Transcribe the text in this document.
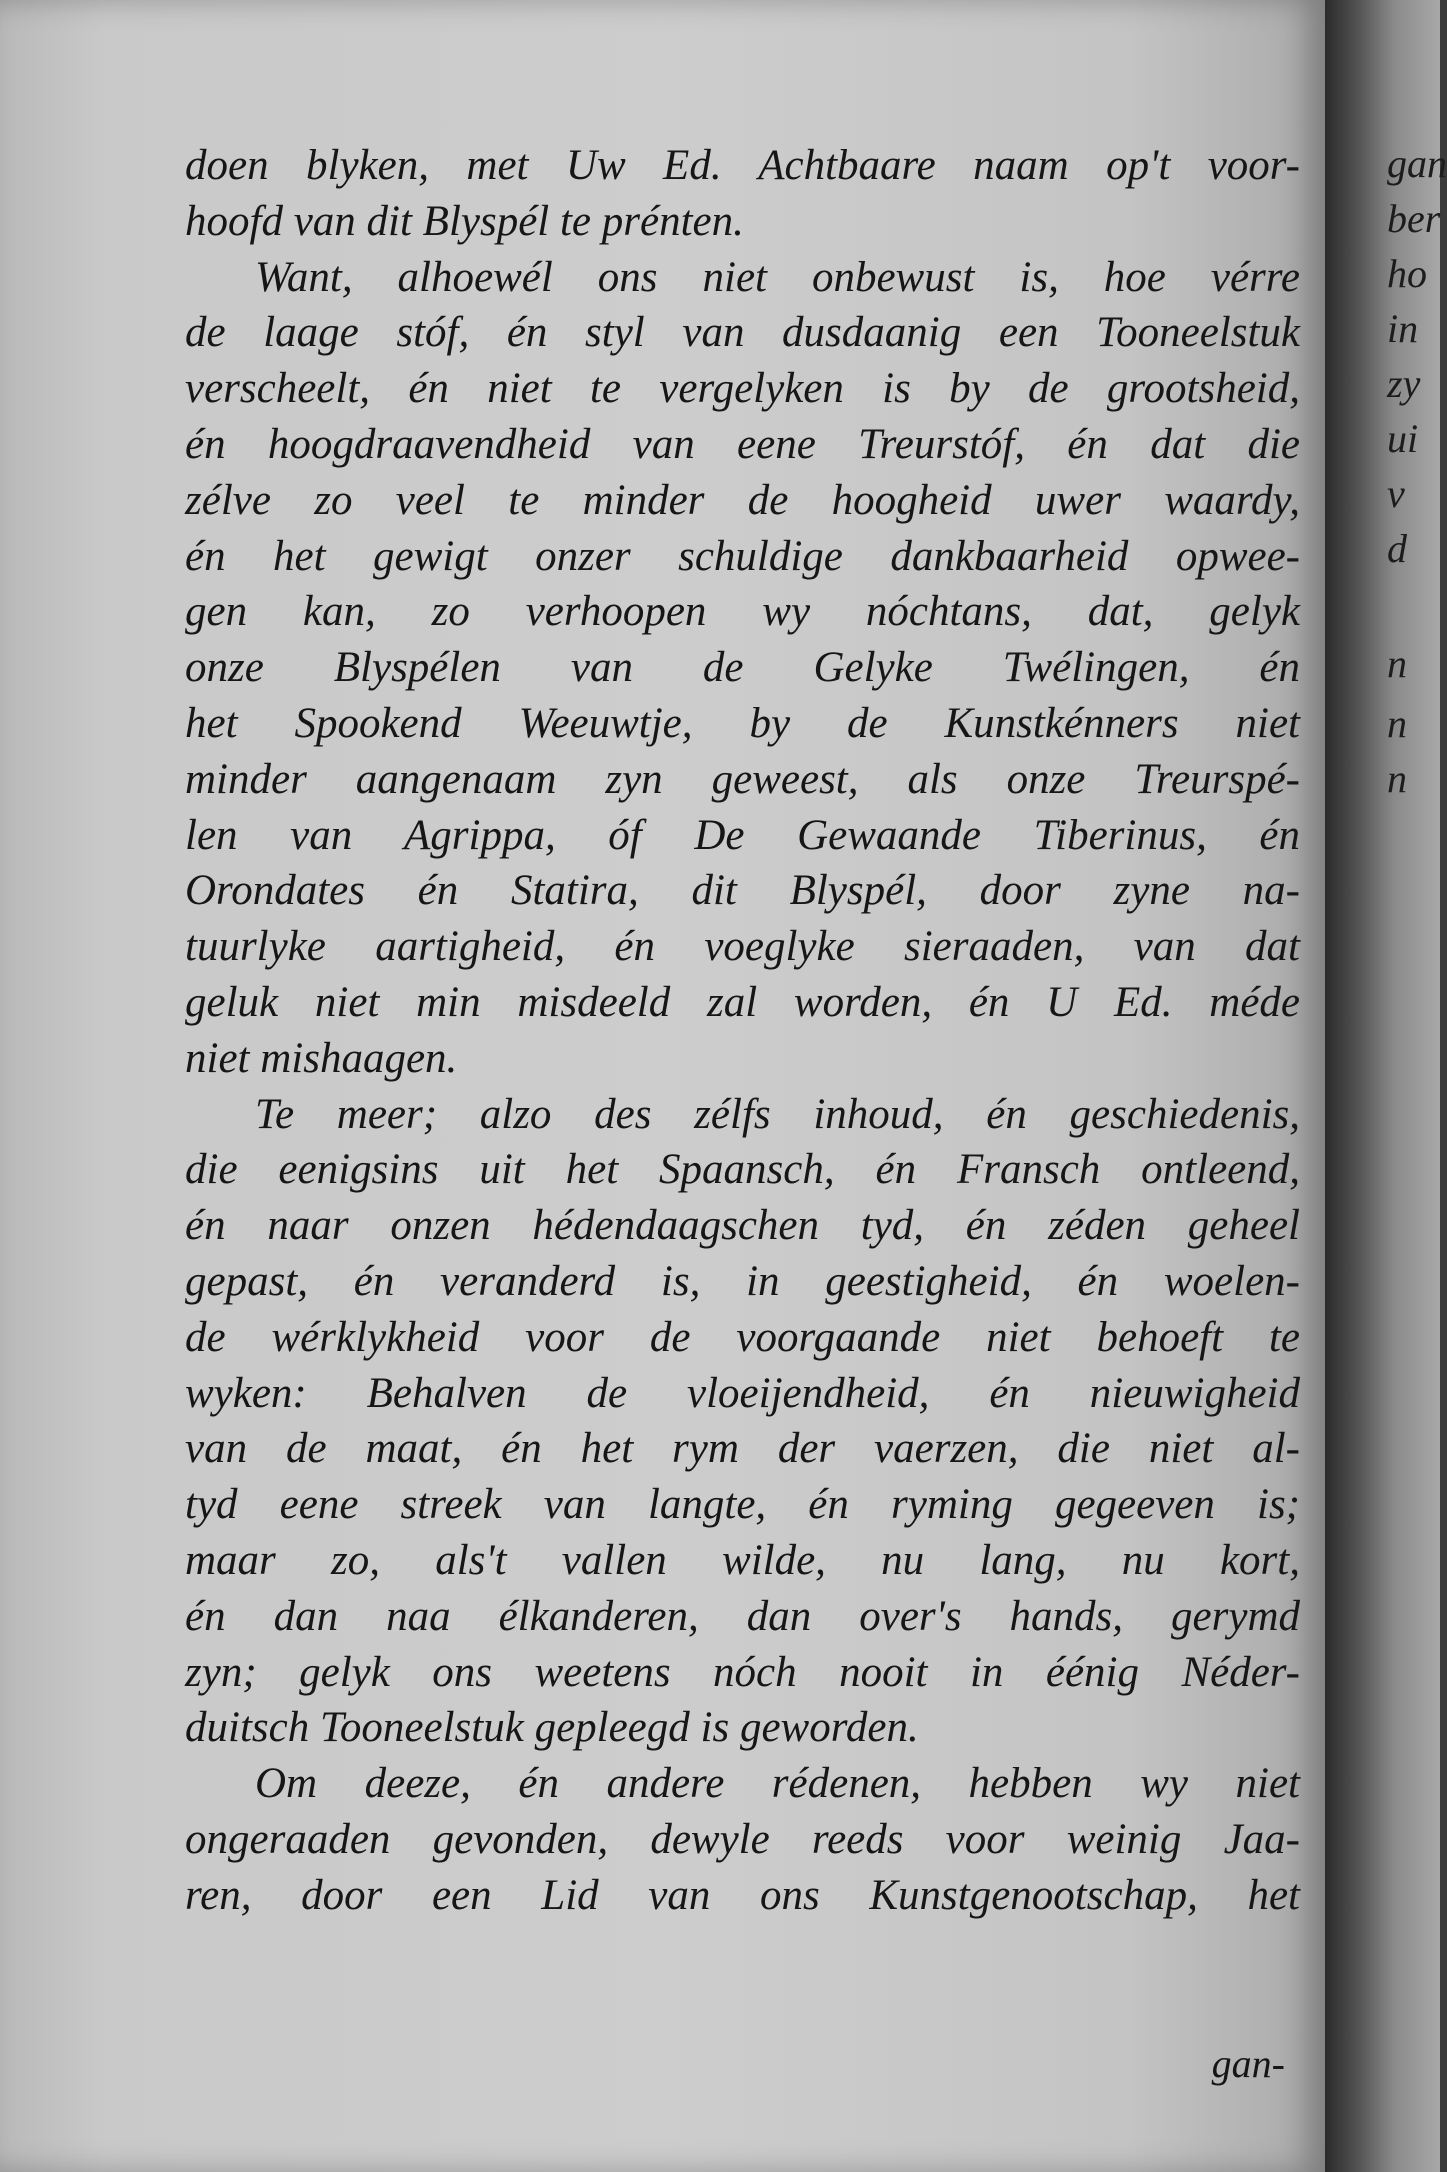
doen blyken, met Uw Ed. Achtbaare naam op't voor-
hoofd van dit Blyspél te prénten.
Want, alhoewél ons niet onbewust is, hoe vérre
de laage stóf, én styl van dusdaanig een Tooneelstuk
verscheelt, én niet te vergelyken is by de grootsheid,
én hoogdraavendheid van eene Treurstóf, én dat die
zélve zo veel te minder de hoogheid uwer waardy,
én het gewigt onzer schuldige dankbaarheid opwee-
gen kan, zo verhoopen wy nóchtans, dat, gelyk
onze Blyspélen van de Gelyke Twélingen, én
het Spookend Weeuwtje, by de Kunstkénners niet
minder aangenaam zyn geweest, als onze Treurspé-
len van Agrippa, óf De Gewaande Tiberinus, én
Orondates én Statira, dit Blyspél, door zyne na-
tuurlyke aartigheid, én voeglyke sieraaden, van dat
geluk niet min misdeeld zal worden, én U Ed. méde
niet mishaagen.
Te meer; alzo des zélfs inhoud, én geschiedenis,
die eenigsins uit het Spaansch, én Fransch ontleend,
én naar onzen hédendaagschen tyd, én zéden geheel
gepast, én veranderd is, in geestigheid, én woelen-
de wérklykheid voor de voorgaande niet behoeft te
wyken: Behalven de vloeijendheid, én nieuwigheid
van de maat, én het rym der vaerzen, die niet al-
tyd eene streek van langte, én ryming gegeeven is;
maar zo, als't vallen wilde, nu lang, nu kort,
én dan naa élkanderen, dan over's hands, gerymd
zyn; gelyk ons weetens nóch nooit in éénig Néder-
duitsch Tooneelstuk gepleegd is geworden.
Om deeze, én andere rédenen, hebben wy niet
ongeraaden gevonden, dewyle reeds voor weinig Jaa-
ren, door een Lid van ons Kunstgenootschap, het
gan-
gan
ber
ho
in
zy
ui
v
d
n
n
n
